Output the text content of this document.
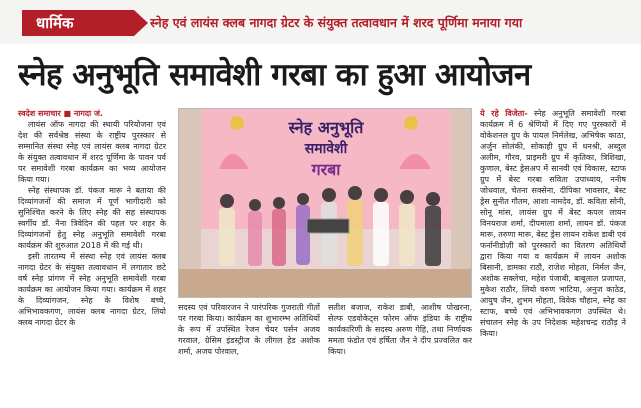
धार्मिक	स्नेह एवं लायंस क्लब नागदा ग्रेटर के संयुक्त तत्वावधान में शरद पूर्णिमा मनाया गया
स्नेह अनुभूति समावेशी गरबा का हुआ आयोजन

स्वदेश समाचार ■ नागदा जं.

लायंस ऑफ नागदा की स्थायी परियोजना एवं देश की सर्वश्रेष्ठ संस्था के राष्ट्रीय पुरस्कार से सम्मानित संस्था स्नेह एवं लायंस क्लब नागदा ग्रेटर के संयुक्त तत्वावधान में शरद पूर्णिमा के पावन पर्व पर समावेशी गरबा कार्यक्रम का भव्य आयोजन किया गया।

स्नेह संस्थापक डॉ. पंकज मारू ने बताया की दिव्यांगजनों की समाज में पूर्ण भागीदारी को सुनिश्चित करने के लिए स्नेह की सह संस्थापक स्वर्गीय डॉ. नैना त्रिवेदिन की पहल पर शहर के दिव्यांगजनों हेतु स्नेह अनुभूति समावेशी गरबा कार्यक्रम की शुरुआत 2018 में की गई थी।

इसी तारतम्य में संस्था स्नेह एवं लायंस क्लब नागदा ग्रेटर के संयुक्त तत्वावधान में लगातार छटे वर्ष स्नेह प्रांगण में स्नेह अनुभूति समावेशी गरबा कार्यक्रम का आयोजन किया गया। कार्यक्रम में शहर के दिव्यांगजन, स्नेह के विशेष बच्चे, अभिभावकगण, लायंस क्लब नागदा ग्रेटर, लियो क्लब नागदा ग्रेटर के

स्नेह अनुभूति
समावेशी
गरबा
सदस्य एवं परिवारजन ने पारंपरिक गुजराती गीतों पर गरबा किया। कार्यक्रम का शुभारम्भ अतिथियों के रूप में उपस्थित रेजन चेयर पर्सन अजय गरवाल, ग्रेसिम इंडस्ट्रीज के लीगल हेड अशोक शर्मा, अजय पोरवाल,
सतीश बजाज, राकेश डाबी, आशीष पोखरना, सेल्फ एडवोकेट्स फोरम ऑफ इंडिया के राष्ट्रीय कार्यकारिणी के सदस्य अरुण गेहि, तथा निर्णायक ममता फंडोत एवं हर्षिता जैन ने दीप प्रज्वलित कर किया।

ये रहे विजेता- स्नेह अनुभूति समावेशी गरबा कार्यक्रम में 6 श्रेणियों में दिए गए पुरस्कारों में वोकेशनल ग्रुप के पायल निर्मलेख, अभिषेक काठा, अर्जुन सोलंकी, सोकाही ग्रुप में धनश्री, अब्दुल अलीम, गौरव, प्राइमरी ग्रुप में कृतिका, त्रिशिखा, कुणाल, बेस्ट ड्रेसअप में सानवी एवं विकास, स्टाफ ग्रुप में बेस्ट गरबा सविता उपाध्याय, ननीष जोधवाल, चेतना सक्सेना, दीपिका भावसार, बेस्ट ड्रेस सुनीत गौतम, आशा नामदेव, डॉ. कविता सोनी, सोनू मांस, लायंस ग्रुप में बेस्ट कपल लायन विनयराज शर्मा, दीपमाला शर्मा, लायन डॉ. पंकज मारू, तरुणा मारू, बेस्ट ड्रेस लायन राकेश डाबी एवं फर्नानीडोज़ी को पुरस्कारों का वितरण अतिथियों द्वारा किया गया व कार्यक्रम में लायन अशोक बिसानी, डामका राठौ, राजेश मोहता, निर्मल जैन, अशोक सक्लेचा, महेश पंजाबी, बाबूलाल प्रजापत, मुकेश राठौर, लियो वरुण भाटिया, अनुज काठेड, आयुष जैन, शुभम मोहता, विवेक चौहान, स्नेह का स्टाफ, बच्चे एवं अभिभावकगण उपस्थित थे। संचालन स्नेह के उप निदेशक महेशचन्द्र राठौड़ ने किया।
